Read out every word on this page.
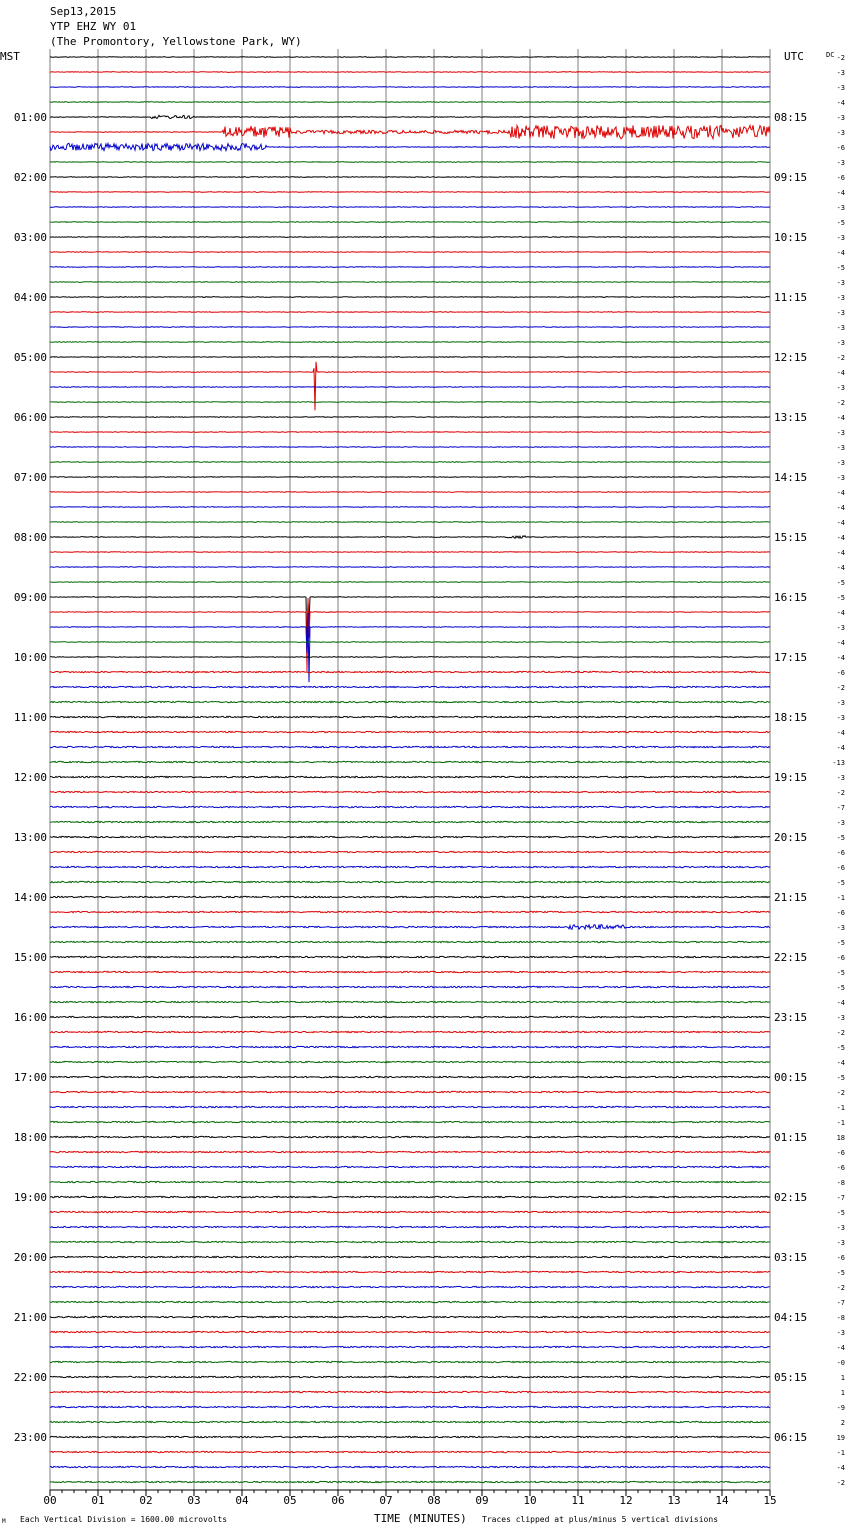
Sep13,2015
YTP EHZ WY 01
(The Promontory, Yellowstone Park, WY)
MST	UTC
00	01	02	03	04	05	06	07	08	09	10	11	12	13	14	15
-2
-3
-3
-4
-3
-3
-6
-3
-6
-4
-3
-5
-3
-4
-5
-3
-3
-3
-3
-3
-2
-4
-3
-2
-4
-3
-3
-3
-3
-4
-4
-4
-4
-4
-4
-5
-5
-4
-3
-4
-4
-6
-2
-3
-3
-4
-4
-13
-3
-2
-7
-3
-5
-6
-6
-5
-1
-6
-3
-5
-6
-5
-5
-4
-3
-2
-5
-4
-5
-2
-1
-1
18
-6
-6
-8
-7
-5
-3
-3
-6
-5
-2
-7
-8
-3
-4
-0
1
1
-9
2
19
-1
-4
-2
DC
01:00
02:00
03:00
04:00
05:00
06:00
07:00
08:00
09:00
10:00
11:00
12:00
13:00
14:00
15:00
16:00
17:00
18:00
19:00
20:00
21:00
22:00
23:00
08:15
09:15
10:15
11:15
12:15
13:15
14:15
15:15
16:15
17:15
18:15
19:15
20:15
21:15
22:15
23:15
00:15
01:15
02:15
03:15
04:15
05:15
06:15
M Each Vertical Division = 1600.00 microvolts	TIME (MINUTES) Traces clipped at plus/minus 5 vertical divisions
